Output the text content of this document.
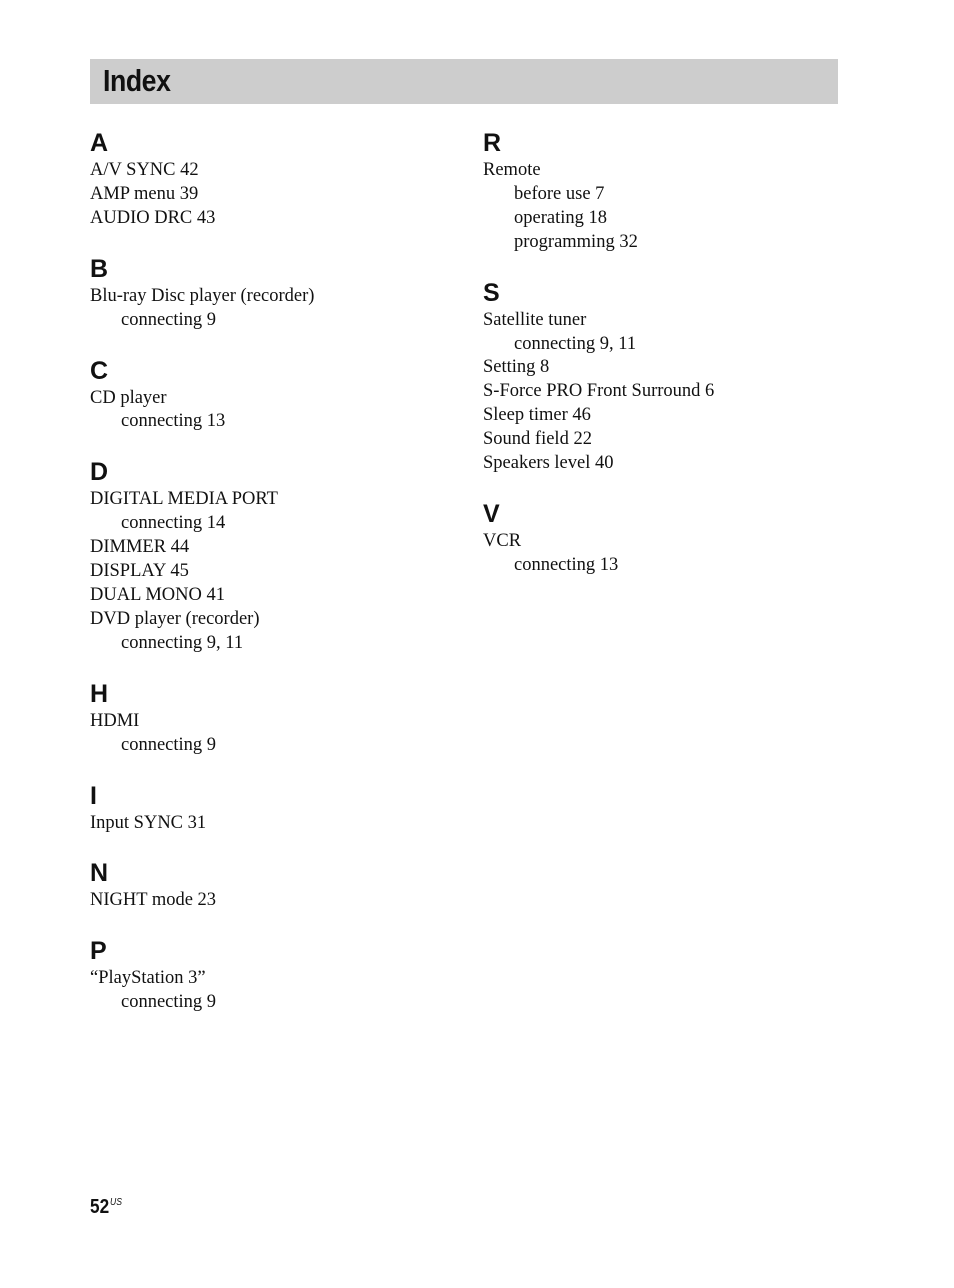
Index
A
A/V SYNC 42
AMP menu 39
AUDIO DRC 43
B
Blu-ray Disc player (recorder)
connecting 9
C
CD player
connecting 13
D
DIGITAL MEDIA PORT
connecting 14
DIMMER 44
DISPLAY 45
DUAL MONO 41
DVD player (recorder)
connecting 9, 11
H
HDMI
connecting 9
I
Input SYNC 31
N
NIGHT mode 23
P
“PlayStation 3”
connecting 9
R
Remote
before use 7
operating 18
programming 32
S
Satellite tuner
connecting 9, 11
Setting 8
S-Force PRO Front Surround 6
Sleep timer 46
Sound field 22
Speakers level 40
V
VCR
connecting 13
$52^{US}$
